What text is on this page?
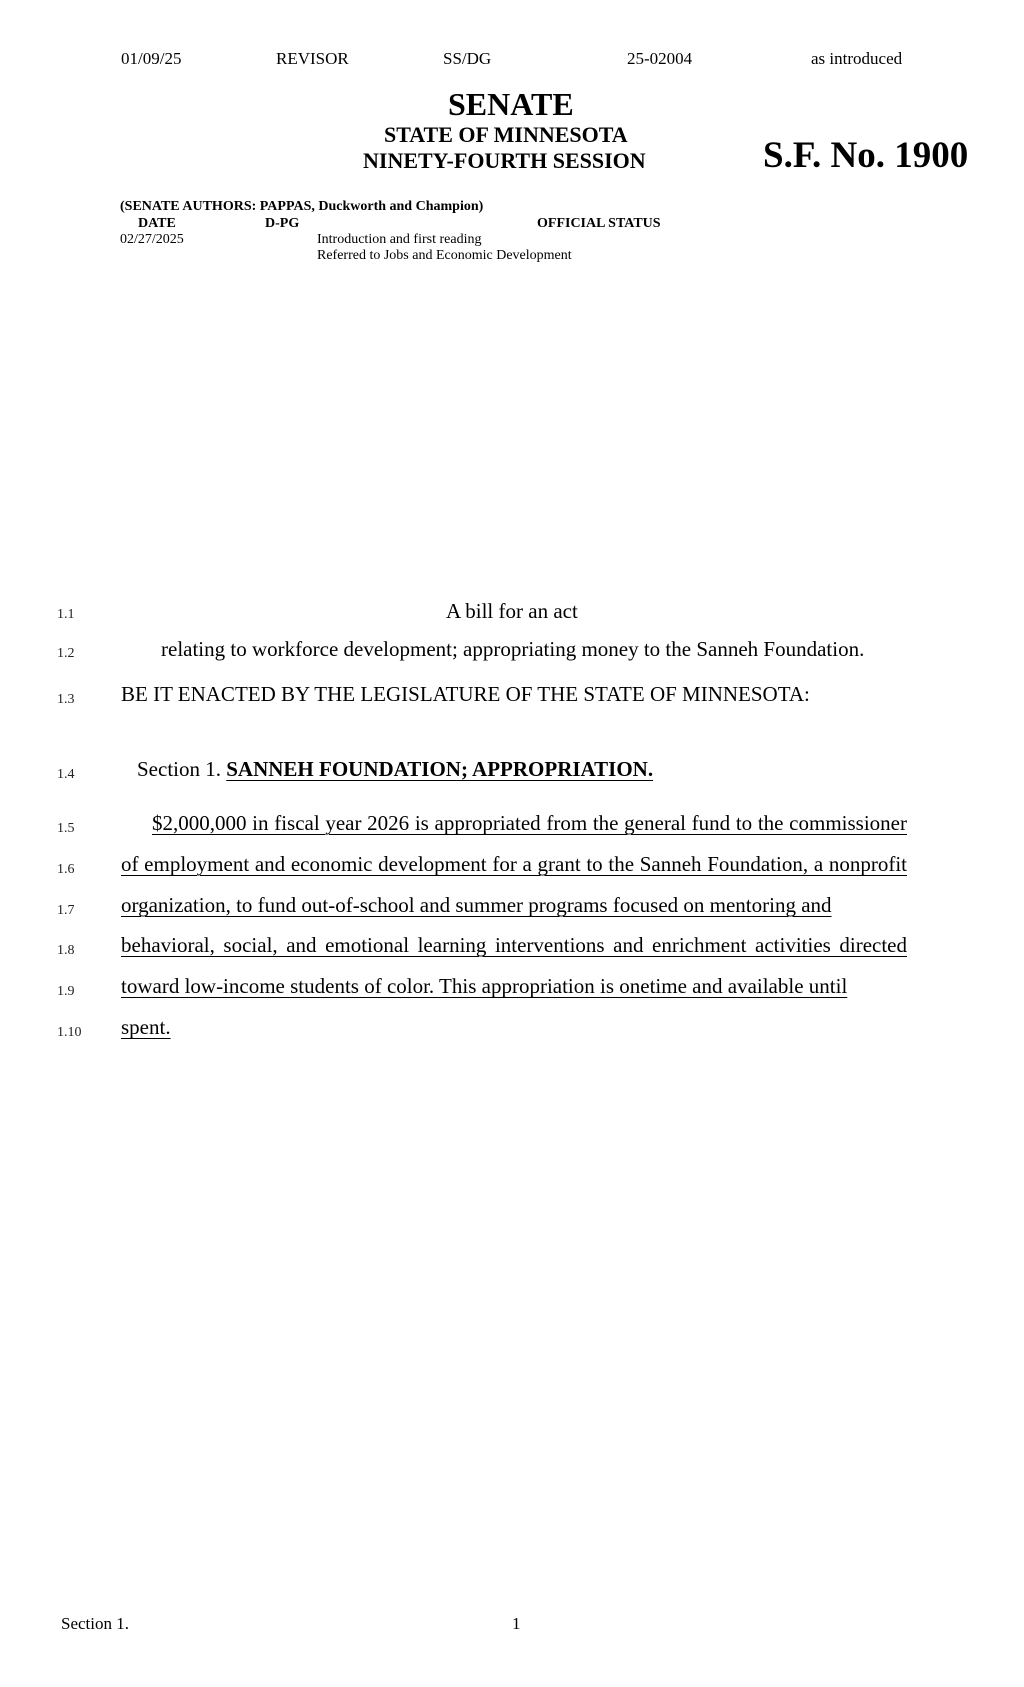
01/09/25	REVISOR	SS/DG	25-02004	as introduced
SENATE
STATE OF MINNESOTA
NINETY-FOURTH SESSION	S.F. No. 1900
(SENATE AUTHORS: PAPPAS, Duckworth and Champion)
DATE	D-PG	OFFICIAL STATUS
02/27/2025	Introduction and first reading
Referred to Jobs and Economic Development
1.1	A bill for an act
1.2	relating to workforce development; appropriating money to the Sanneh Foundation.
1.3 BE IT ENACTED BY THE LEGISLATURE OF THE STATE OF MINNESOTA:
1.4	Section 1. SANNEH FOUNDATION; APPROPRIATION.
1.5	$2,000,000 in fiscal year 2026 is appropriated from the general fund to the commissioner
1.6 of employment and economic development for a grant to the Sanneh Foundation, a nonprofit
1.7 organization, to fund out-of-school and summer programs focused on mentoring and
1.8 behavioral, social, and emotional learning interventions and enrichment activities directed
1.9 toward low-income students of color. This appropriation is onetime and available until
1.10 spent.
Section 1.	1
